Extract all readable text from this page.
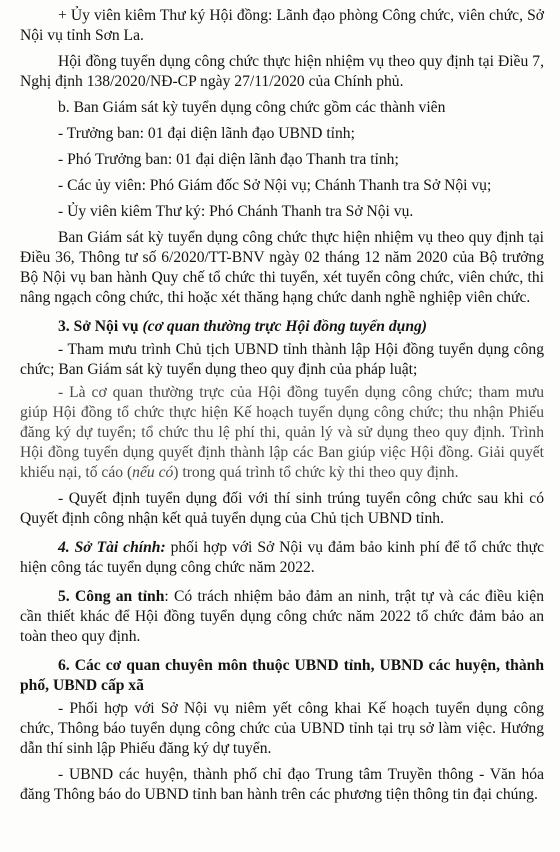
+ Ủy viên kiêm Thư ký Hội đồng: Lãnh đạo phòng Công chức, viên chức, Sở Nội vụ tỉnh Sơn La.

Hội đồng tuyển dụng công chức thực hiện nhiệm vụ theo quy định tại Điều 7, Nghị định 138/2020/NĐ-CP ngày 27/11/2020 của Chính phủ.

b. Ban Giám sát kỳ tuyển dụng công chức gồm các thành viên

- Trưởng ban: 01 đại diện lãnh đạo UBND tỉnh;

- Phó Trưởng ban: 01 đại diện lãnh đạo Thanh tra tỉnh;

- Các ủy viên: Phó Giám đốc Sở Nội vụ; Chánh Thanh tra Sở Nội vụ;

- Ủy viên kiêm Thư ký: Phó Chánh Thanh tra Sở Nội vụ.

Ban Giám sát kỳ tuyển dụng công chức thực hiện nhiệm vụ theo quy định tại Điều 36, Thông tư số 6/2020/TT-BNV ngày 02 tháng 12 năm 2020 của Bộ trưởng Bộ Nội vụ ban hành Quy chế tổ chức thi tuyển, xét tuyển công chức, viên chức, thi nâng ngạch công chức, thi hoặc xét thăng hạng chức danh nghề nghiệp viên chức.

3. Sở Nội vụ (cơ quan thường trực Hội đồng tuyển dụng)

- Tham mưu trình Chủ tịch UBND tỉnh thành lập Hội đồng tuyển dụng công chức; Ban Giám sát kỳ tuyển dụng theo quy định của pháp luật;

- Là cơ quan thường trực của Hội đồng tuyển dụng công chức; tham mưu giúp Hội đồng tổ chức thực hiện Kế hoạch tuyển dụng công chức; thu nhận Phiếu đăng ký dự tuyển; tổ chức thu lệ phí thi, quản lý và sử dụng theo quy định. Trình Hội đồng tuyển dụng quyết định thành lập các Ban giúp việc Hội đồng. Giải quyết khiếu nại, tố cáo (nếu có) trong quá trình tổ chức kỳ thi theo quy định.

- Quyết định tuyển dụng đối với thí sinh trúng tuyển công chức sau khi có Quyết định công nhận kết quả tuyển dụng của Chủ tịch UBND tỉnh.

4. Sở Tài chính: phối hợp với Sở Nội vụ đảm bảo kinh phí để tổ chức thực hiện công tác tuyển dụng công chức năm 2022.

5. Công an tỉnh: Có trách nhiệm bảo đảm an ninh, trật tự và các điều kiện cần thiết khác để Hội đồng tuyển dụng công chức năm 2022 tổ chức đảm bảo an toàn theo quy định.

6. Các cơ quan chuyên môn thuộc UBND tỉnh, UBND các huyện, thành phố, UBND cấp xã

- Phối hợp với Sở Nội vụ niêm yết công khai Kế hoạch tuyển dụng công chức, Thông báo tuyển dụng công chức của UBND tỉnh tại trụ sở làm việc. Hướng dẫn thí sinh lập Phiếu đăng ký dự tuyển.

- UBND các huyện, thành phố chỉ đạo Trung tâm Truyền thông - Văn hóa đăng Thông báo do UBND tỉnh ban hành trên các phương tiện thông tin đại chúng.
